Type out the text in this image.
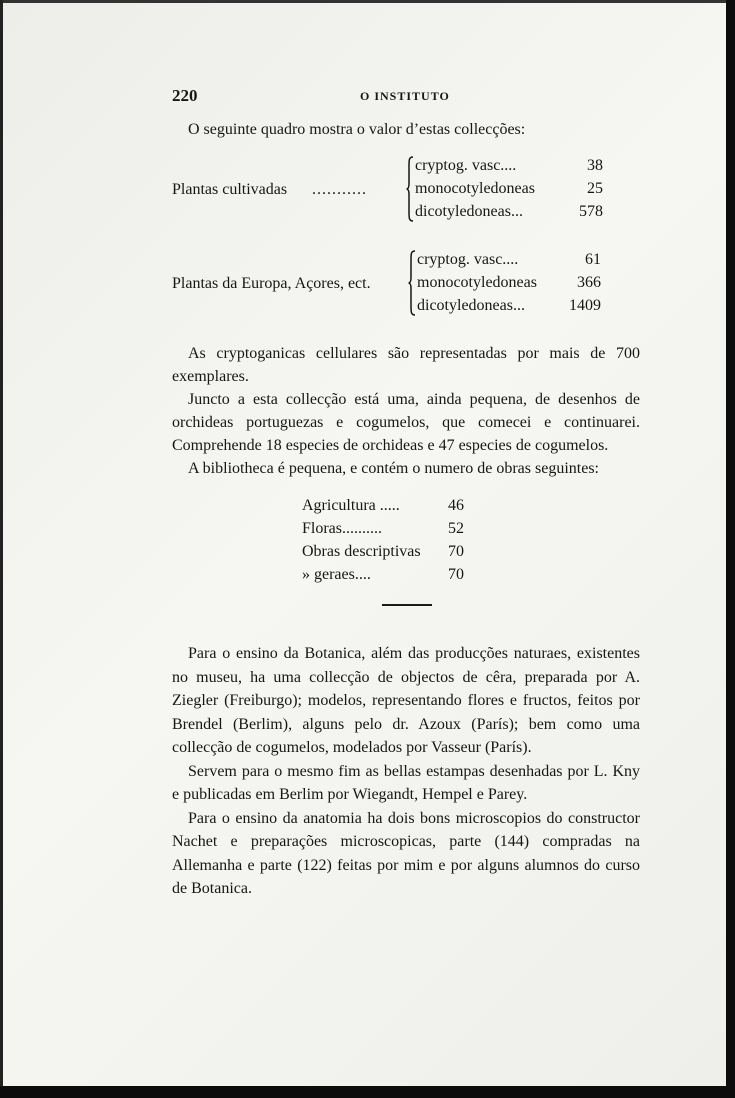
220	O INSTITUTO

O seguinte quadro mostra o valor d’estas collecções:

Plantas cultivadas ...........
cryptog. vasc....	38
monocotyledoneas	25
dicotyledoneas...	578
Plantas da Europa, Açores, ect.
cryptog. vasc....	61
monocotyledoneas	366
dicotyledoneas...	1409

As cryptoganicas cellulares são representadas por mais de 700 exemplares.

Juncto a esta collecção está uma, ainda pequena, de desenhos de orchideas portuguezas e cogumelos, que comecei e continuarei. Comprehende 18 especies de orchideas e 47 especies de cogumelos.

A bibliotheca é pequena, e contém o numero de obras seguintes:

Agricultura .....	46
Floras..........	52
Obras descriptivas 70
» geraes....	70

Para o ensino da Botanica, além das producções naturaes, existentes no museu, ha uma collecção de objectos de cêra, preparada por A. Ziegler (Freiburgo); modelos, representando flores e fructos, feitos por Brendel (Berlim), alguns pelo dr. Azoux (París); bem como uma collecção de cogumelos, modelados por Vasseur (París).

Servem para o mesmo fim as bellas estampas desenhadas por L. Kny e publicadas em Berlim por Wiegandt, Hempel e Parey.

Para o ensino da anatomia ha dois bons microscopios do constructor Nachet e preparações microscopicas, parte (144) compradas na Allemanha e parte (122) feitas por mim e por alguns alumnos do curso de Botanica.
